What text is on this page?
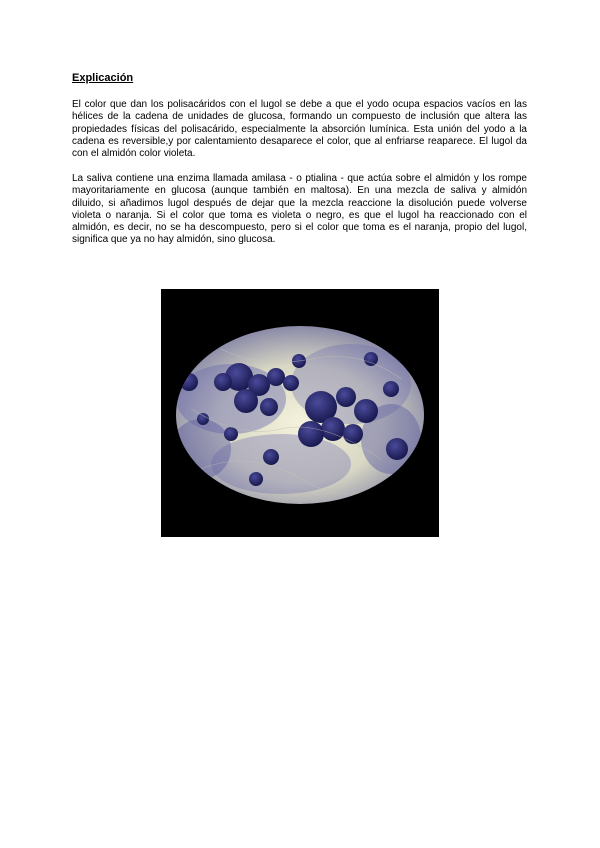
Explicación

El color que dan los polisacáridos con el lugol se debe a que el yodo ocupa espacios vacíos en las hélices de la cadena de unidades de glucosa, formando un compuesto de inclusión que altera las propiedades físicas del polisacárido, especialmente la absorción lumínica. Esta unión del yodo a la cadena es reversible,y por calentamiento desaparece el color, que al enfriarse reaparece. El lugol da con el almidón color violeta.

La saliva contiene una enzima llamada amilasa - o ptialina - que actúa sobre el almidón y los rompe mayoritariamente en glucosa (aunque también en maltosa). En una mezcla de saliva y almidón diluido, si añadimos lugol después de dejar que la mezcla reaccione la disolución puede volverse violeta o naranja. Si el color que toma es violeta o negro, es que el lugol ha reaccionado con el almidón, es decir, no se ha descompuesto, pero si el color que toma es el naranja, propio del lugol, significa que ya no hay almidón, sino glucosa.
